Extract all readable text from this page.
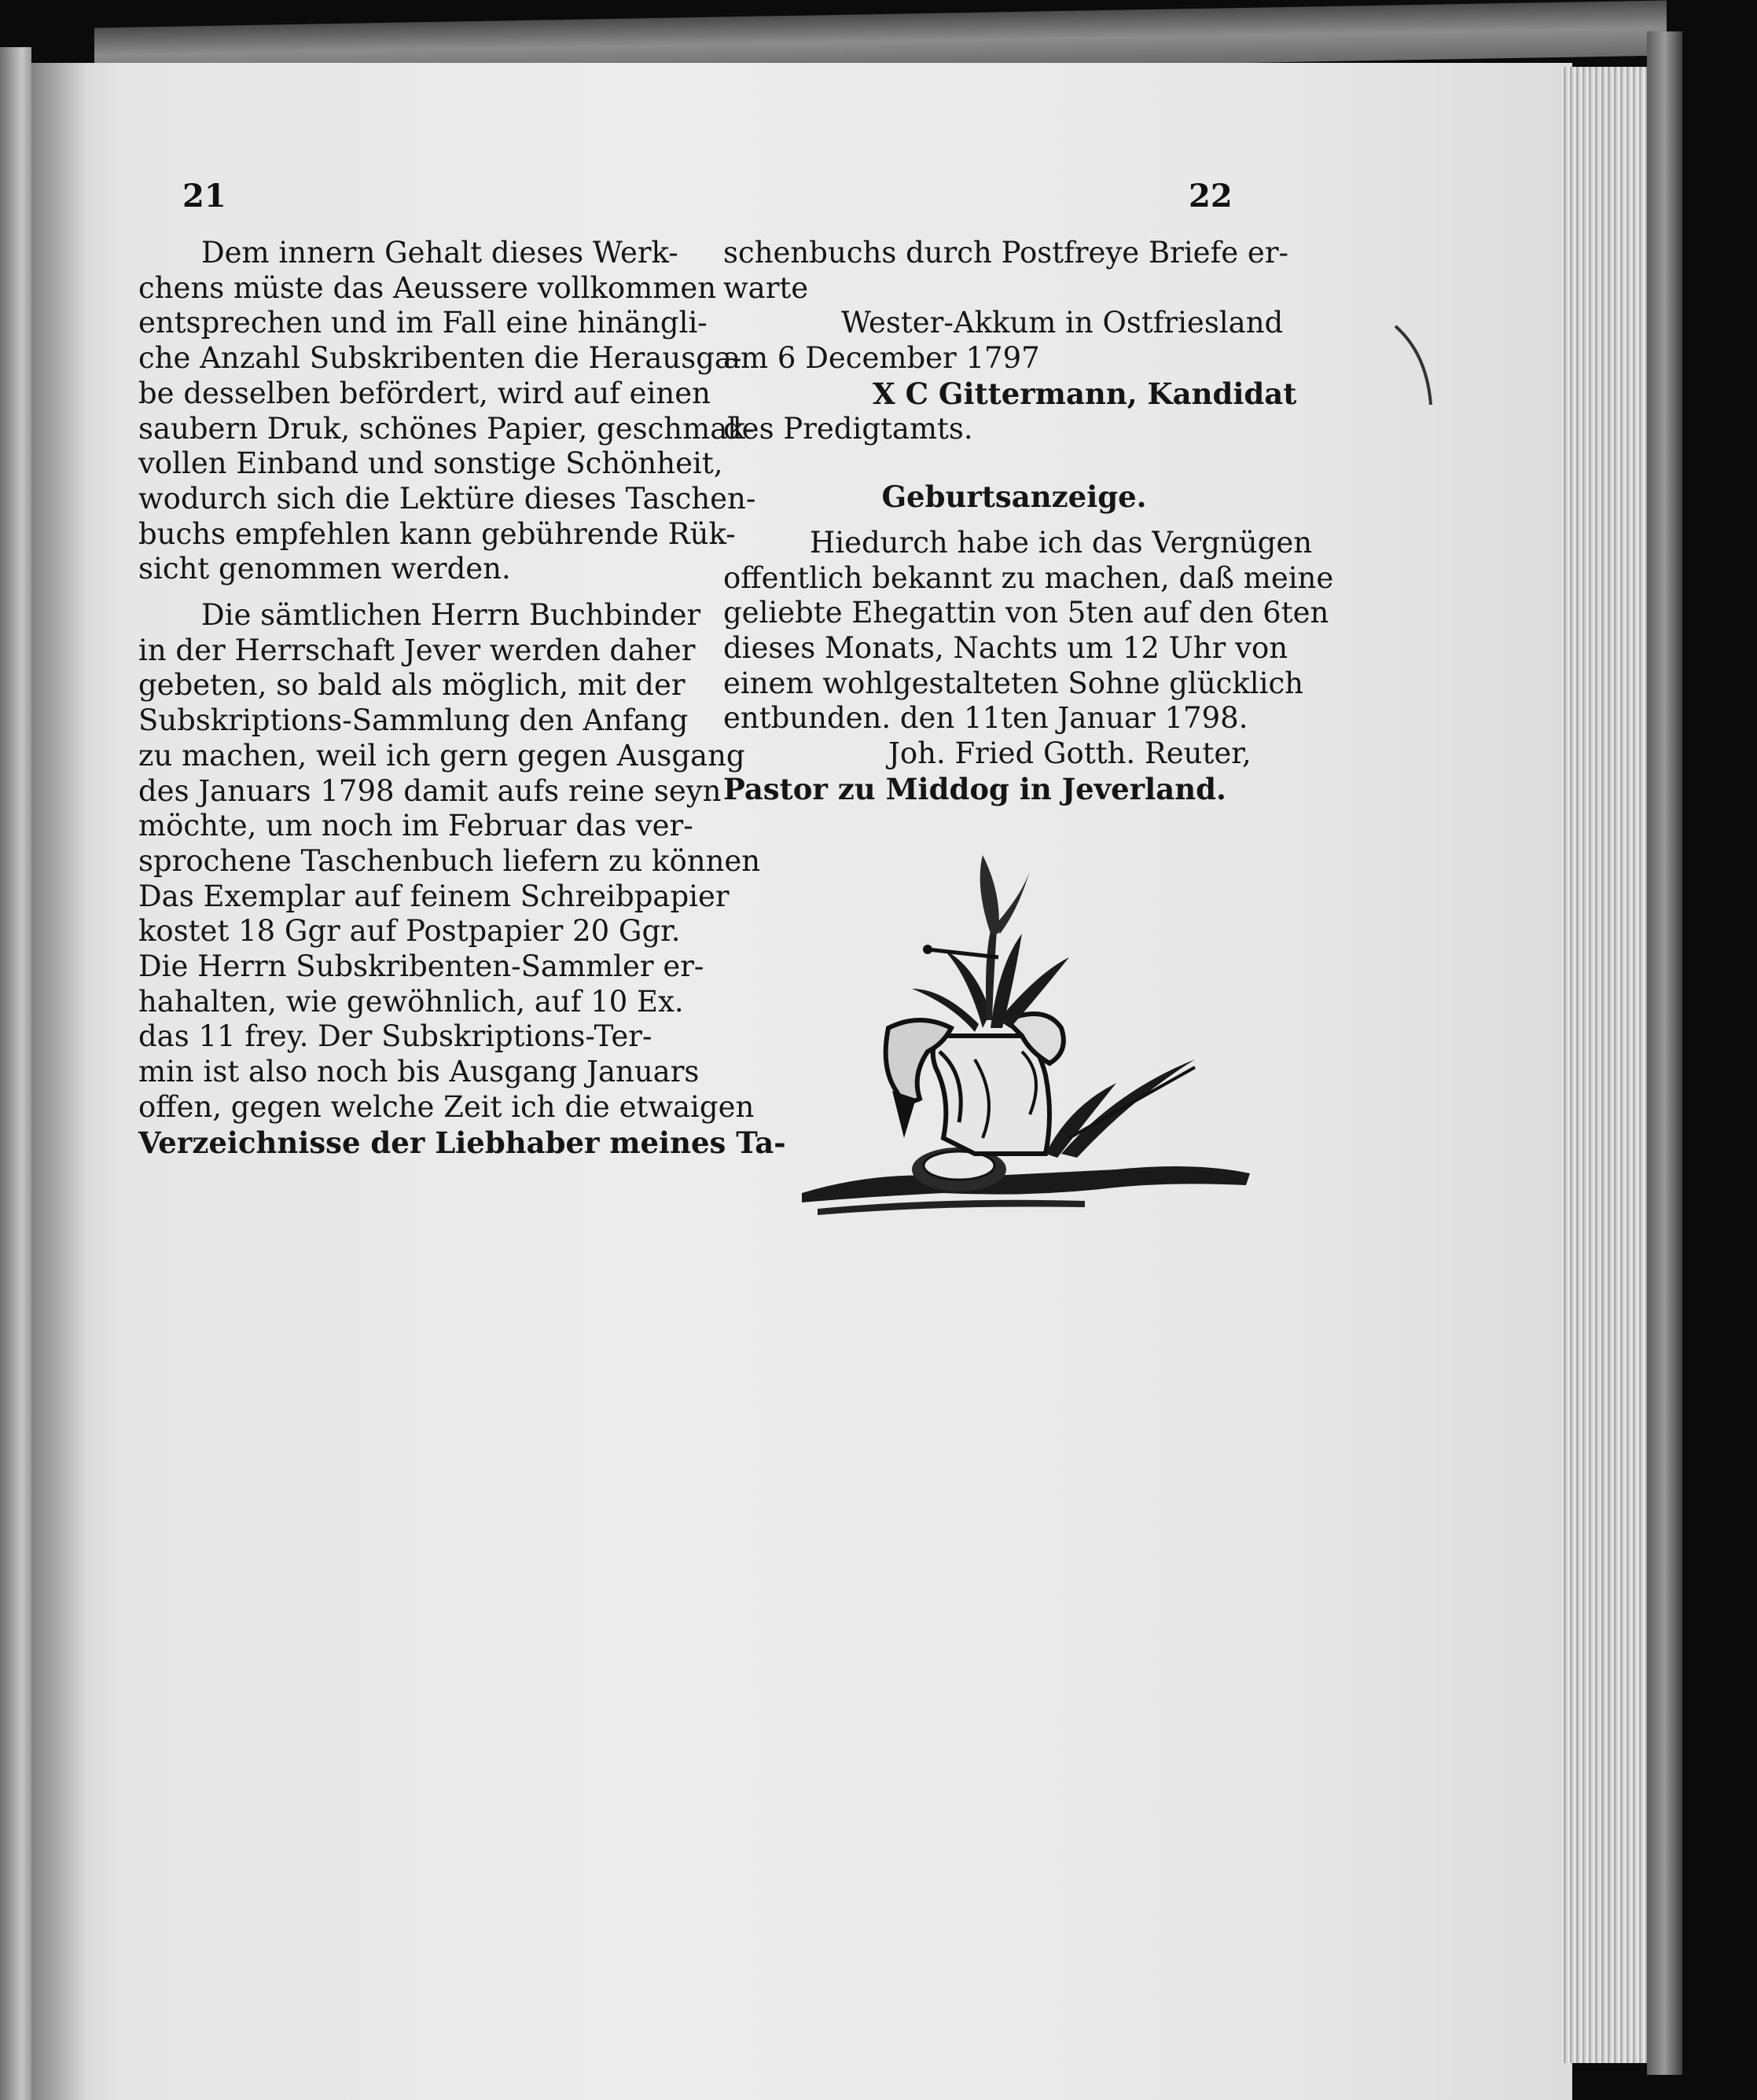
21	22
Dem innern Gehalt dieses Werk-
chens müste das Aeussere vollkommen
entsprechen und im Fall eine hinängli-
che Anzahl Subskribenten die Herausga-
be desselben befördert, wird auf einen
saubern Druk, schönes Papier, geschmak-
vollen Einband und sonstige Schönheit,
wodurch sich die Lektüre dieses Taschen-
buchs empfehlen kann gebührende Rük-
sicht genommen werden.
Die sämtlichen Herrn Buchbinder
in der Herrschaft Jever werden daher
gebeten, so bald als möglich, mit der
Subskriptions-Sammlung den Anfang
zu machen, weil ich gern gegen Ausgang
des Januars 1798 damit aufs reine seyn
möchte, um noch im Februar das ver-
sprochene Taschenbuch liefern zu können
Das Exemplar auf feinem Schreibpapier
kostet 18 Ggr auf Postpapier 20 Ggr.
Die Herrn Subskribenten-Sammler er-
hahalten, wie gewöhnlich, auf 10 Ex.
das 11 frey. Der Subskriptions-Ter-
min ist also noch bis Ausgang Januars
offen, gegen welche Zeit ich die etwaigen
Verzeichnisse der Liebhaber meines Ta-
schenbuchs durch Postfreye Briefe er-
warte
Wester-Akkum in Ostfriesland
am 6 December 1797
X C Gittermann, Kandidat
des Predigtamts.
Geburtsanzeige.
Hiedurch habe ich das Vergnügen
offentlich bekannt zu machen, daß meine
geliebte Ehegattin von 5ten auf den 6ten
dieses Monats, Nachts um 12 Uhr von
einem wohlgestalteten Sohne glücklich
entbunden. den 11ten Januar 1798.
Joh. Fried Gotth. Reuter,
Pastor zu Middog in Jeverland.
